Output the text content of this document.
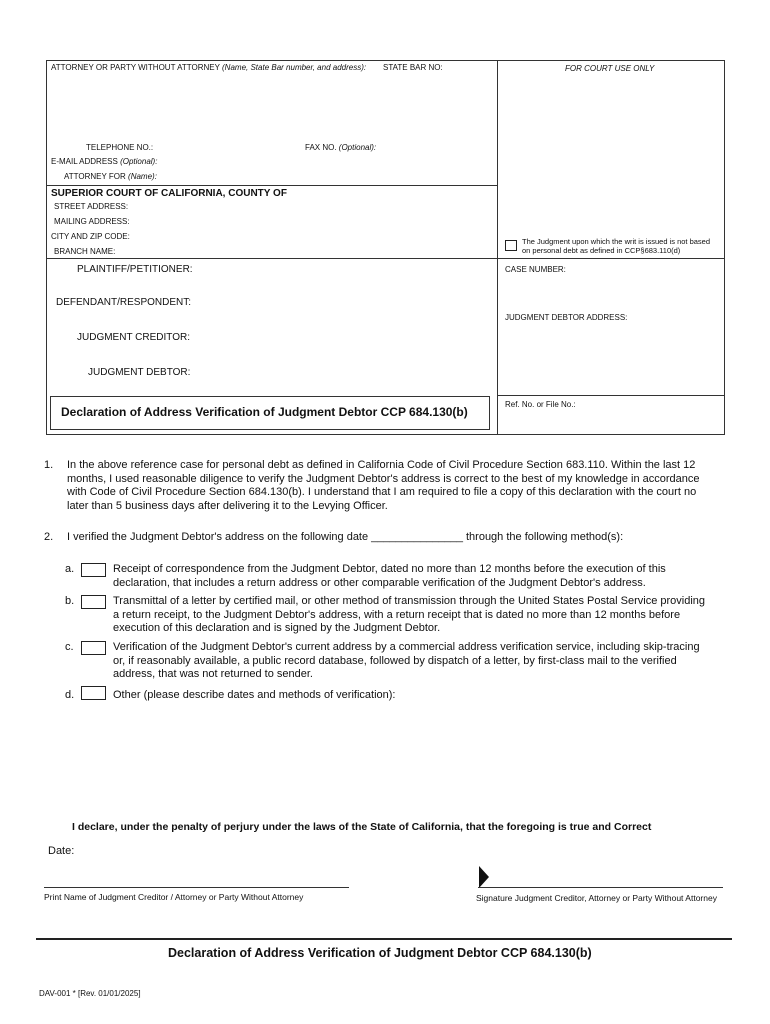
ATTORNEY OR PARTY WITHOUT ATTORNEY (Name, State Bar number, and address): STATE BAR NO:	FOR COURT USE ONLY
TELEPHONE NO.:	FAX NO. (Optional):
E-MAIL ADDRESS (Optional):
ATTORNEY FOR (Name):
SUPERIOR COURT OF CALIFORNIA, COUNTY OF
STREET ADDRESS:
MAILING ADDRESS:
CITY AND ZIP CODE:
BRANCH NAME:
The Judgment upon which the writ is issued is not based
on personal debt as defined in CCP§683.110(d)
PLAINTIFF/PETITIONER:
DEFENDANT/RESPONDENT:
JUDGMENT CREDITOR:
JUDGMENT DEBTOR:
CASE NUMBER:
JUDGMENT DEBTOR ADDRESS:
Ref. No. or File No.:
Declaration of Address Verification of Judgment Debtor CCP 684.130(b)
1. In the above reference case for personal debt as defined in California Code of Civil Procedure Section 683.110. Within the last 12
months, I used reasonable diligence to verify the Judgment Debtor's address is correct to the best of my knowledge in accordance
with Code of Civil Procedure Section 684.130(b). I understand that I am required to file a copy of this declaration with the court no
later than 5 business days after delivering it to the Levying Officer.
2. I verified the Judgment Debtor's address on the following date _______________ through the following method(s):
a.	Receipt of correspondence from the Judgment Debtor, dated no more than 12 months before the execution of this
declaration, that includes a return address or other comparable verification of the Judgment Debtor's address.
b.	Transmittal of a letter by certified mail, or other method of transmission through the United States Postal Service providing
a return receipt, to the Judgment Debtor's address, with a return receipt that is dated no more than 12 months before
execution of this declaration and is signed by the Judgment Debtor.
c.	Verification of the Judgment Debtor's current address by a commercial address verification service, including skip-tracing
or, if reasonably available, a public record database, followed by dispatch of a letter, by first-class mail to the verified
address, that was not returned to sender.
d.	Other (please describe dates and methods of verification):
I declare, under the penalty of perjury under the laws of the State of California, that the foregoing is true and Correct
Date:
Print Name of Judgment Creditor / Attorney or Party Without Attorney	Signature Judgment Creditor, Attorney or Party Without Attorney
Declaration of Address Verification of Judgment Debtor CCP 684.130(b)
DAV-001 * [Rev. 01/01/2025]
